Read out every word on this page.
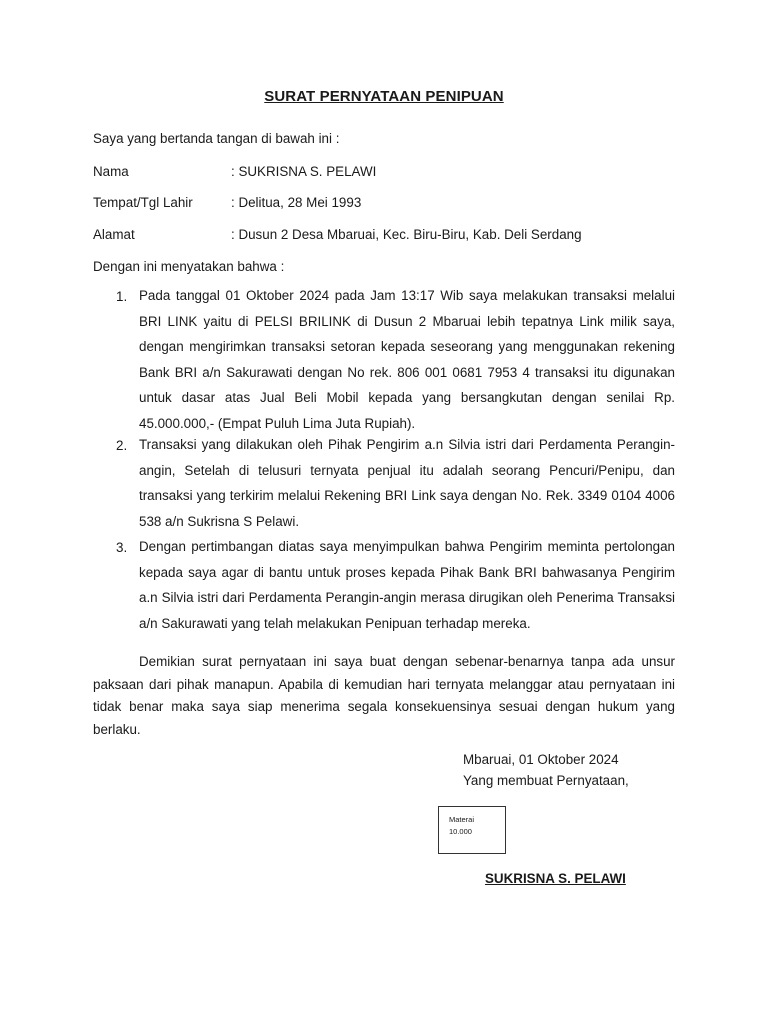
SURAT PERNYATAAN PENIPUAN
Saya yang bertanda tangan di bawah ini :
Nama	: SUKRISNA S. PELAWI
Tempat/Tgl Lahir	: Delitua, 28 Mei 1993
Alamat	: Dusun 2 Desa Mbaruai, Kec. Biru-Biru, Kab. Deli Serdang
Dengan ini menyatakan bahwa :
1. Pada tanggal 01 Oktober 2024 pada Jam 13:17 Wib saya melakukan transaksi melalui BRI LINK yaitu di PELSI BRILINK di Dusun 2 Mbaruai lebih tepatnya Link milik saya, dengan mengirimkan transaksi setoran kepada seseorang yang menggunakan rekening Bank BRI a/n Sakurawati dengan No rek. 806 001 0681 7953 4 transaksi itu digunakan untuk dasar atas Jual Beli Mobil kepada yang bersangkutan dengan senilai Rp. 45.000.000,- (Empat Puluh Lima Juta Rupiah).
2. Transaksi yang dilakukan oleh Pihak Pengirim a.n Silvia istri dari Perdamenta Perangin-angin, Setelah di telusuri ternyata penjual itu adalah seorang Pencuri/Penipu, dan transaksi yang terkirim melalui Rekening BRI Link saya dengan No. Rek. 3349 0104 4006 538 a/n Sukrisna S Pelawi.
3. Dengan pertimbangan diatas saya menyimpulkan bahwa Pengirim meminta pertolongan kepada saya agar di bantu untuk proses kepada Pihak Bank BRI bahwasanya Pengirim a.n Silvia istri dari Perdamenta Perangin-angin merasa dirugikan oleh Penerima Transaksi a/n Sakurawati yang telah melakukan Penipuan terhadap mereka.
Demikian surat pernyataan ini saya buat dengan sebenar-benarnya tanpa ada unsur paksaan dari pihak manapun. Apabila di kemudian hari ternyata melanggar atau pernyataan ini tidak benar maka saya siap menerima segala konsekuensinya sesuai dengan hukum yang berlaku.
Mbaruai, 01 Oktober 2024
Yang membuat Pernyataan,
Materai
10.000
SUKRISNA S. PELAWI
